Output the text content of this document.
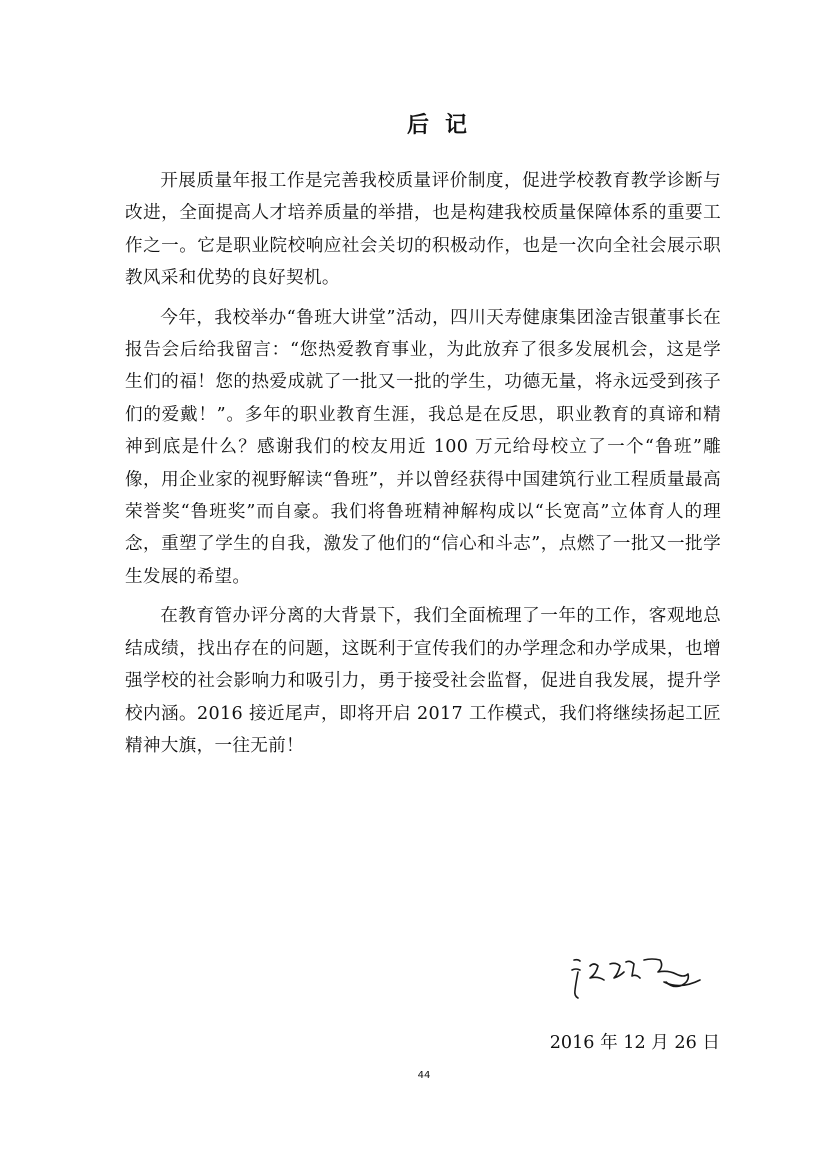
后记

开展质量年报工作是完善我校质量评价制度，促进学校教育教学诊断与改进，全面提高人才培养质量的举措，也是构建我校质量保障体系的重要工作之一。它是职业院校响应社会关切的积极动作，也是一次向全社会展示职教风采和优势的良好契机。

今年，我校举办“鲁班大讲堂”活动，四川天寿健康集团淦吉银董事长在报告会后给我留言：“您热爱教育事业，为此放弃了很多发展机会，这是学生们的福！您的热爱成就了一批又一批的学生，功德无量，将永远受到孩子们的爱戴！”。多年的职业教育生涯，我总是在反思，职业教育的真谛和精神到底是什么？感谢我们的校友用近 100 万元给母校立了一个“鲁班”雕像，用企业家的视野解读“鲁班”，并以曾经获得中国建筑行业工程质量最高荣誉奖“鲁班奖”而自豪。我们将鲁班精神解构成以“长宽高”立体育人的理念，重塑了学生的自我，激发了他们的“信心和斗志”，点燃了一批又一批学生发展的希望。

在教育管办评分离的大背景下，我们全面梳理了一年的工作，客观地总结成绩，找出存在的问题，这既利于宣传我们的办学理念和办学成果，也增强学校的社会影响力和吸引力，勇于接受社会监督，促进自我发展，提升学校内涵。2016 接近尾声，即将开启 2017 工作模式，我们将继续扬起工匠精神大旗，一往无前！

2016 年 12 月 26 日
44
